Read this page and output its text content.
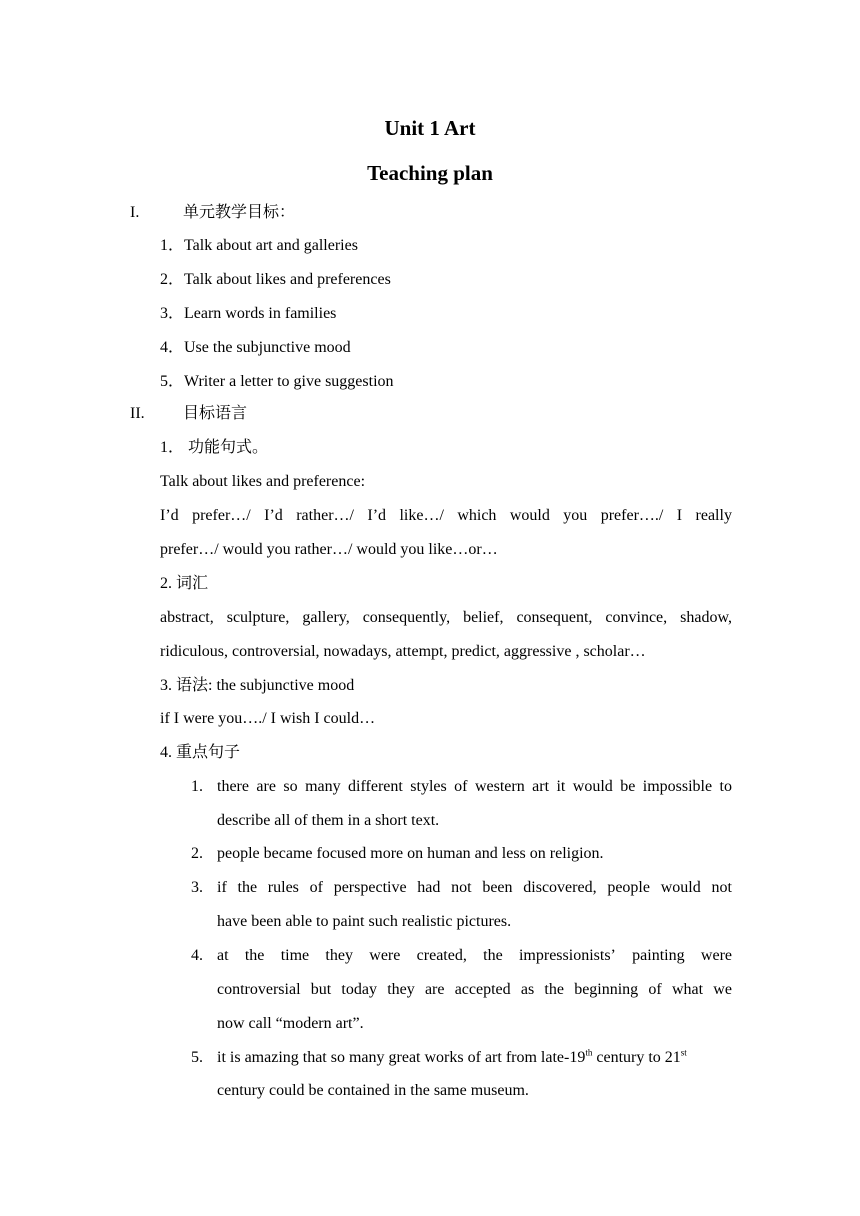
Unit 1 Art
Teaching plan
I.	单元教学目标：
1．Talk about art and galleries
2．Talk about likes and preferences
3．Learn words in families
4．Use the subjunctive mood
5．Writer a letter to give suggestion
II. 目标语言
1． 功能句式。
Talk about likes and preference:
I’d prefer…/ I’d rather…/ I’d like…/ which would you prefer…./ I really
prefer…/ would you rather…/ would you like…or…
2. 词汇
abstract, sculpture, gallery, consequently, belief, consequent, convince, shadow,
ridiculous, controversial, nowadays, attempt, predict, aggressive , scholar…
3. 语法: the subjunctive mood
if I were you…./ I wish I could…
4. 重点句子
1. there are so many different styles of western art it would be impossible to
describe all of them in a short text.
2. people became focused more on human and less on religion.
3. if the rules of perspective had not been discovered, people would not
have been able to paint such realistic pictures.
4. at the time they were created, the impressionists’ painting were
controversial but today they are accepted as the beginning of what we
now call “modern art”.
5. it is amazing that so many great works of art from late-19th century to 21st
century could be contained in the same museum.
